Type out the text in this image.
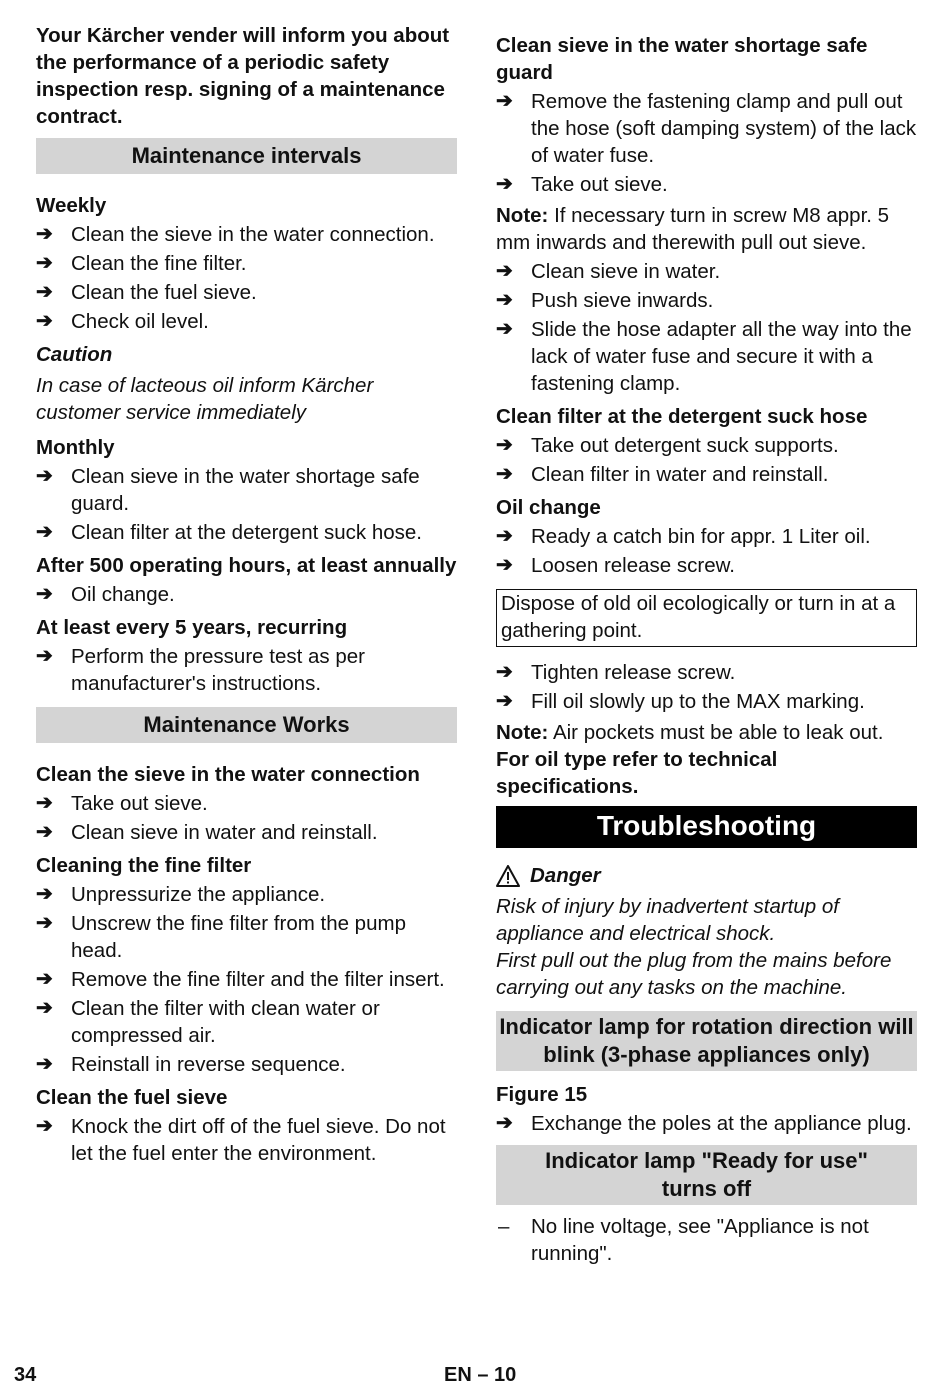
Your Kärcher vender will inform you about the performance of a periodic safety inspection resp. signing of a maintenance contract.

Maintenance intervals
Weekly
➔ Clean the sieve in the water connection.
➔ Clean the fine filter.
➔ Clean the fuel sieve.
➔ Check oil level.
Caution
In case of lacteous oil inform Kärcher customer service immediately
Monthly
➔ Clean sieve in the water shortage safe guard.
➔ Clean filter at the detergent suck hose.
After 500 operating hours, at least annually
➔ Oil change.
At least every 5 years, recurring
➔ Perform the pressure test as per manufacturer's instructions.
Maintenance Works
Clean the sieve in the water connection
➔ Take out sieve.
➔ Clean sieve in water and reinstall.
Cleaning the fine filter
➔ Unpressurize the appliance.
➔ Unscrew the fine filter from the pump head.
➔ Remove the fine filter and the filter insert.
➔ Clean the filter with clean water or compressed air.
➔ Reinstall in reverse sequence.
Clean the fuel sieve
➔ Knock the dirt off of the fuel sieve. Do not let the fuel enter the environment.
Clean sieve in the water shortage safe guard
➔ Remove the fastening clamp and pull out the hose (soft damping system) of the lack of water fuse.
➔ Take out sieve.
Note: If necessary turn in screw M8 appr. 5 mm inwards and therewith pull out sieve.
➔ Clean sieve in water.
➔ Push sieve inwards.
➔ Slide the hose adapter all the way into the lack of water fuse and secure it with a fastening clamp.
Clean filter at the detergent suck hose
➔ Take out detergent suck supports.
➔ Clean filter in water and reinstall.
Oil change
➔ Ready a catch bin for appr. 1 Liter oil.
➔ Loosen release screw.
Dispose of old oil ecologically or turn in at a gathering point.
➔ Tighten release screw.
➔ Fill oil slowly up to the MAX marking.
Note: Air pockets must be able to leak out.
For oil type refer to technical specifications.
Troubleshooting
Danger
Risk of injury by inadvertent startup of appliance and electrical shock.
First pull out the plug from the mains before carrying out any tasks on the machine.
Indicator lamp for rotation direction will blink (3-phase appliances only)
Figure 15
➔ Exchange the poles at the appliance plug.
Indicator lamp "Ready for use" turns off
– No line voltage, see "Appliance is not running".
34	EN – 10
